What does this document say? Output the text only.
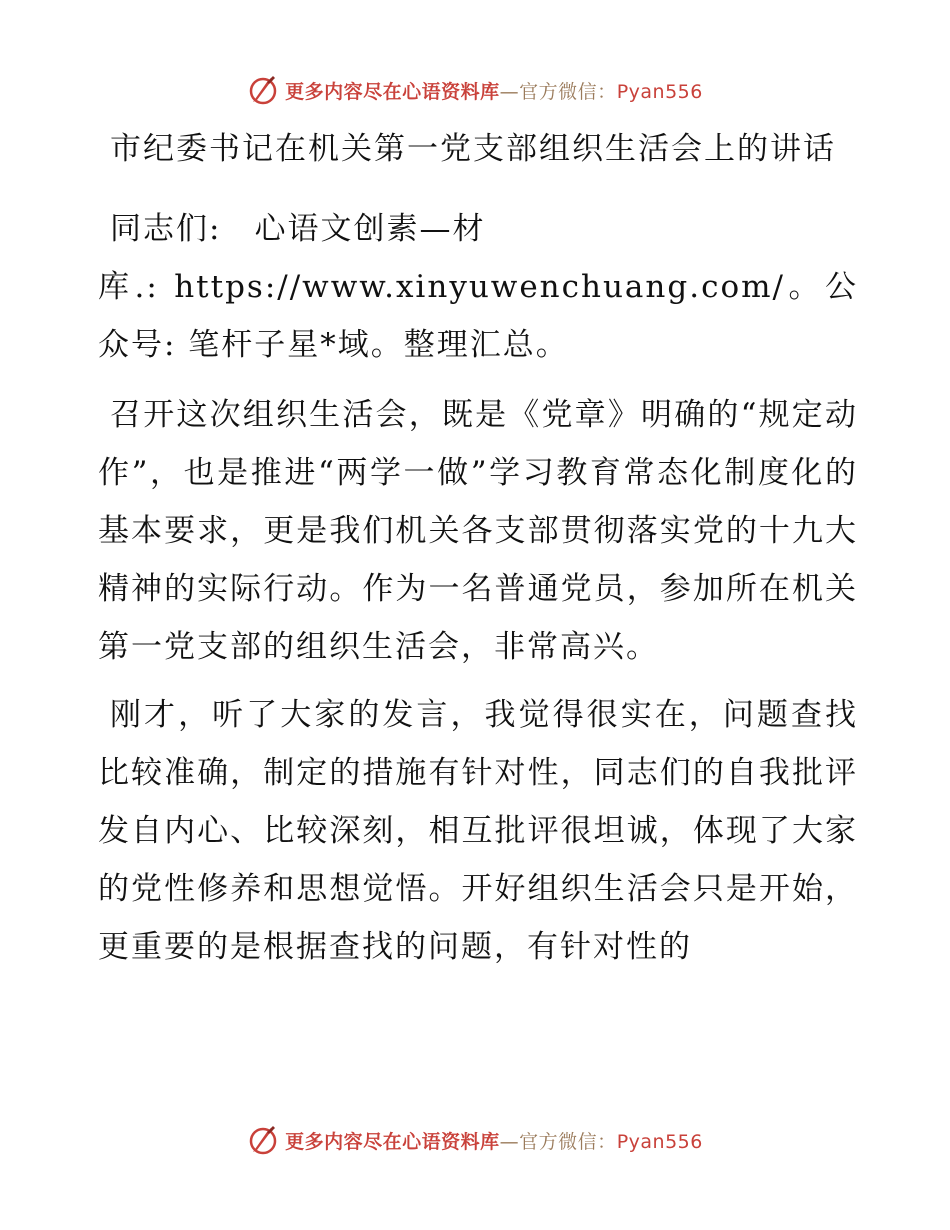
更多内容尽在心语资料库—官方微信：Pyan556

市纪委书记在机关第一党支部组织生活会上的讲话

同志们:　心语文创素—材

库.: https://www.xinyuwenchuang.com/。公众号: 笔杆子星*域。整理汇总。

召开这次组织生活会，既是《党章》明确的“规定动作”，也是推进“两学一做”学习教育常态化制度化的基本要求，更是我们机关各支部贯彻落实党的十九大精神的实际行动。作为一名普通党员，参加所在机关第一党支部的组织生活会，非常高兴。

刚才，听了大家的发言，我觉得很实在，问题查找比较准确，制定的措施有针对性，同志们的自我批评发自内心、比较深刻，相互批评很坦诚，体现了大家的党性修养和思想觉悟。开好组织生活会只是开始，更重要的是根据查找的问题，有针对性的

更多内容尽在心语资料库—官方微信：Pyan556
